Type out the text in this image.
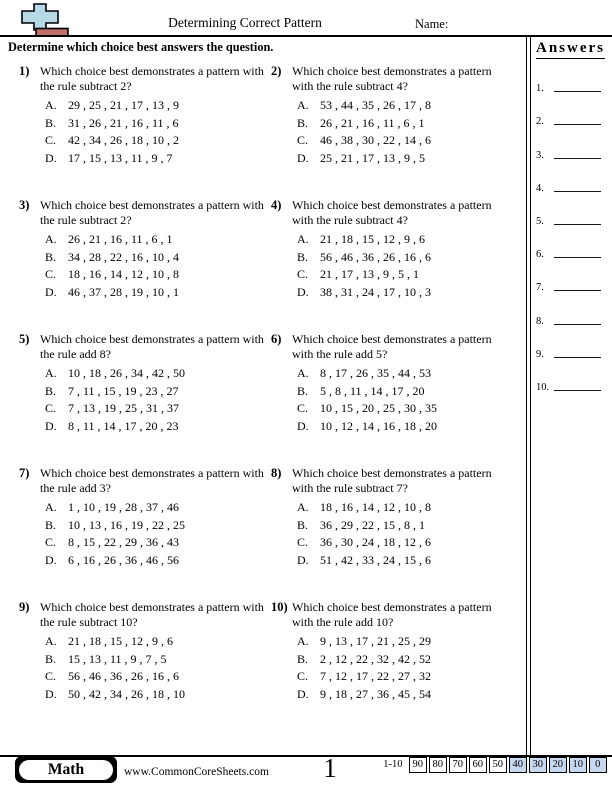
Determining Correct Pattern	Name:
Determine which choice best answers the question.
1) Which choice best demonstrates a pattern with
the rule subtract 2?
A. 29 , 25 , 21 , 17 , 13 , 9
B. 31 , 26 , 21 , 16 , 11 , 6
C. 42 , 34 , 26 , 18 , 10 , 2
D. 17 , 15 , 13 , 11 , 9 , 7
2) Which choice best demonstrates a pattern
with the rule subtract 4?
A. 53 , 44 , 35 , 26 , 17 , 8
B. 26 , 21 , 16 , 11 , 6 , 1
C. 46 , 38 , 30 , 22 , 14 , 6
D. 25 , 21 , 17 , 13 , 9 , 5
3) Which choice best demonstrates a pattern with
the rule subtract 2?
A. 26 , 21 , 16 , 11 , 6 , 1
B. 34 , 28 , 22 , 16 , 10 , 4
C. 18 , 16 , 14 , 12 , 10 , 8
D. 46 , 37 , 28 , 19 , 10 , 1
4) Which choice best demonstrates a pattern
with the rule subtract 4?
A. 21 , 18 , 15 , 12 , 9 , 6
B. 56 , 46 , 36 , 26 , 16 , 6
C. 21 , 17 , 13 , 9 , 5 , 1
D. 38 , 31 , 24 , 17 , 10 , 3
5) Which choice best demonstrates a pattern with
the rule add 8?
A. 10 , 18 , 26 , 34 , 42 , 50
B. 7 , 11 , 15 , 19 , 23 , 27
C. 7 , 13 , 19 , 25 , 31 , 37
D. 8 , 11 , 14 , 17 , 20 , 23
6) Which choice best demonstrates a pattern
with the rule add 5?
A. 8 , 17 , 26 , 35 , 44 , 53
B. 5 , 8 , 11 , 14 , 17 , 20
C. 10 , 15 , 20 , 25 , 30 , 35
D. 10 , 12 , 14 , 16 , 18 , 20
7) Which choice best demonstrates a pattern with
the rule add 3?
A. 1 , 10 , 19 , 28 , 37 , 46
B. 10 , 13 , 16 , 19 , 22 , 25
C. 8 , 15 , 22 , 29 , 36 , 43
D. 6 , 16 , 26 , 36 , 46 , 56
8) Which choice best demonstrates a pattern
with the rule subtract 7?
A. 18 , 16 , 14 , 12 , 10 , 8
B. 36 , 29 , 22 , 15 , 8 , 1
C. 36 , 30 , 24 , 18 , 12 , 6
D. 51 , 42 , 33 , 24 , 15 , 6
9) Which choice best demonstrates a pattern with
the rule subtract 10?
A. 21 , 18 , 15 , 12 , 9 , 6
B. 15 , 13 , 11 , 9 , 7 , 5
C. 56 , 46 , 36 , 26 , 16 , 6
D. 50 , 42 , 34 , 26 , 18 , 10
10) Which choice best demonstrates a pattern
with the rule add 10?
A. 9 , 13 , 17 , 21 , 25 , 29
B. 2 , 12 , 22 , 32 , 42 , 52
C. 7 , 12 , 17 , 22 , 27 , 32
D. 9 , 18 , 27 , 36 , 45 , 54
Answers
1.
2.
3.
4.
5.
6.
7.
8.
9.
10.
Math	www.CommonCoreSheets.com	1	1-10 90 80 70 60 50 40 30 20 10	0
